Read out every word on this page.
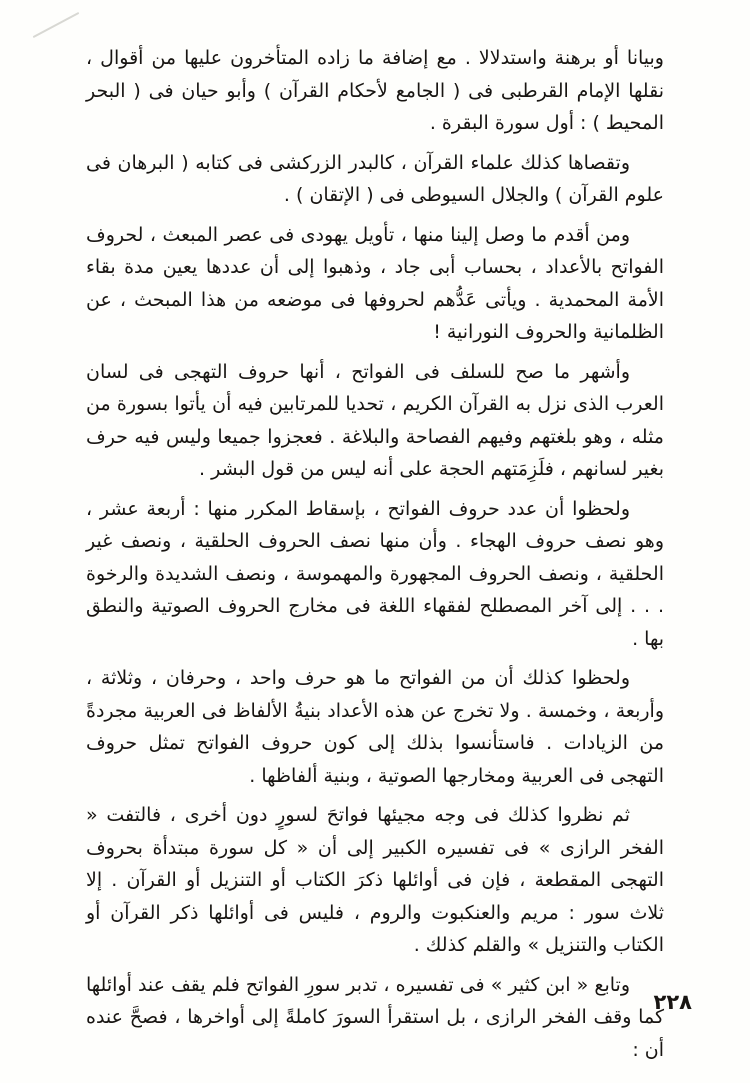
وبيانا أو برهنة واستدلالا . مع إضافة ما زاده المتأخرون عليها من أقوال ، نقلها الإمام القرطبى فى ( الجامع لأحكام القرآن ) وأبو حيان فى ( البحر المحيط ) : أول سورة البقرة .

وتقصاها كذلك علماء القرآن ، كالبدر الزركشى فى كتابه ( البرهان فى علوم القرآن ) والجلال السيوطى فى ( الإتقان ) .

ومن أقدم ما وصل إلينا منها ، تأويل يهودى فى عصر المبعث ، لحروف الفواتح بالأعداد ، بحساب أبى جاد ، وذهبوا إلى أن عددها يعين مدة بقاء الأمة المحمدية . ويأتى عَدُّهم لحروفها فى موضعه من هذا المبحث ، عن الظلمانية والحروف النورانية !

وأشهر ما صح للسلف فى الفواتح ، أنها حروف التهجى فى لسان العرب الذى نزل به القرآن الكريم ، تحديا للمرتابين فيه أن يأتوا بسورة من مثله ، وهو بلغتهم وفيهم الفصاحة والبلاغة . فعجزوا جميعا وليس فيه حرف بغير لسانهم ، فلَزِمَتهم الحجة على أنه ليس من قول البشر .

ولحظوا أن عدد حروف الفواتح ، بإسقاط المكرر منها : أربعة عشر ، وهو نصف حروف الهجاء . وأن منها نصف الحروف الحلقية ، ونصف غير الحلقية ، ونصف الحروف المجهورة والمهموسة ، ونصف الشديدة والرخوة . . . إلى آخر المصطلح لفقهاء اللغة فى مخارج الحروف الصوتية والنطق بها .

ولحظوا كذلك أن من الفواتح ما هو حرف واحد ، وحرفان ، وثلاثة ، وأربعة ، وخمسة . ولا تخرج عن هذه الأعداد بنيةُ الألفاظ فى العربية مجردةً من الزيادات . فاستأنسوا بذلك إلى كون حروف الفواتح تمثل حروف التهجى فى العربية ومخارجها الصوتية ، وبنية ألفاظها .

ثم نظروا كذلك فى وجه مجيئها فواتحَ لسورٍ دون أخرى ، فالتفت « الفخر الرازى » فى تفسيره الكبير إلى أن « كل سورة مبتدأة بحروف التهجى المقطعة ، فإن فى أوائلها ذكرَ الكتاب أو التنزيل أو القرآن . إلا ثلاث سور : مريم والعنكبوت والروم ، فليس فى أوائلها ذكر القرآن أو الكتاب والتنزيل » والقلم كذلك .

وتابع « ابن كثير » فى تفسيره ، تدبر سورِ الفواتح فلم يقف عند أوائلها كما وقف الفخر الرازى ، بل استقرأ السورَ كاملةً إلى أواخرها ، فصحَّ عنده أن :

٢٢٨
